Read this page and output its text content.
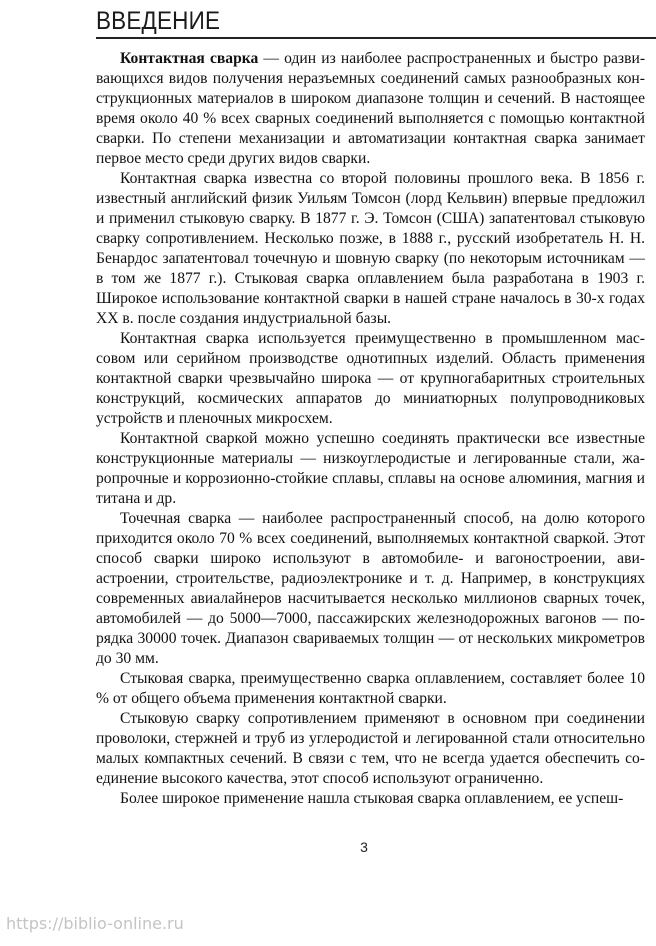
ВВЕДЕНИЕ

Контактная сварка — один из наиболее распространенных и быстро развивающихся видов получения неразъемных соединений самых разнообразных конструкционных материалов в широком диапазоне толщин и сечений. В настоящее время около 40 % всех сварных соединений выполняется с помощью контактной сварки. По степени механизации и автоматизации контактная сварка занимает первое место среди других видов сварки.

Контактная сварка известна со второй половины прошлого века. В 1856 г. известный английский физик Уильям Томсон (лорд Кельвин) впервые предложил и применил стыковую сварку. В 1877 г. Э. Томсон (США) запатентовал стыковую сварку сопротивлением. Несколько позже, в 1888 г., русский изобретатель Н. Н. Бенардос запатентовал точечную и шовную сварку (по некоторым источникам — в том же 1877 г.). Стыковая сварка оплавлением была разработана в 1903 г. Широкое использование контактной сварки в нашей стране началось в 30-х годах XX в. после создания индустриальной базы.

Контактная сварка используется преимущественно в промышленном массовом или серийном производстве однотипных изделий. Область применения контактной сварки чрезвычайно широка — от крупногабаритных строительных конструкций, космических аппаратов до миниатюрных полупроводниковых устройств и пленочных микросхем.

Контактной сваркой можно успешно соединять практически все известные конструкционные материалы — низкоуглеродистые и легированные стали, жаропрочные и коррозионно-стойкие сплавы, сплавы на основе алюминия, магния и титана и др.

Точечная сварка — наиболее распространенный способ, на долю которого приходится около 70 % всех соединений, выполняемых контактной сваркой. Этот способ сварки широко используют в автомобиле- и вагоностроении, авиастроении, строительстве, радиоэлектронике и т. д. Например, в конструкциях современных авиалайнеров насчитывается несколько миллионов сварных точек, автомобилей — до 5000—7000, пассажирских железнодорожных вагонов — порядка 30000 точек. Диапазон свариваемых толщин — от нескольких микрометров до 30 мм.

Стыковая сварка, преимущественно сварка оплавлением, составляет более 10 % от общего объема применения контактной сварки.

Стыковую сварку сопротивлением применяют в основном при соединении проволоки, стержней и труб из углеродистой и легированной стали относительно малых компактных сечений. В связи с тем, что не всегда удается обеспечить соединение высокого качества, этот способ используют ограниченно.

Более широкое применение нашла стыковая сварка оплавлением, ее успеш-

3
https://biblio-online.ru
